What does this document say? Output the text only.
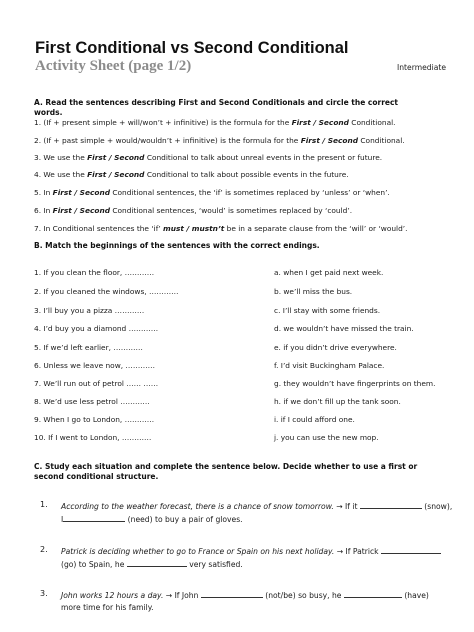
First Conditional vs Second Conditional
Activity Sheet (page 1/2)	Intermediate
A. Read the sentences describing First and Second Conditionals and circle the correct
words.
1. (If + present simple + will/won’t + infinitive) is the formula for the First / Second Conditional.
2. (If + past simple + would/wouldn’t + infinitive) is the formula for the First / Second Conditional.
3. We use the First / Second Conditional to talk about unreal events in the present or future.
4. We use the First / Second Conditional to talk about possible events in the future.
5. In First / Second Conditional sentences, the ‘if’ is sometimes replaced by ‘unless’ or ‘when’.
6. In First / Second Conditional sentences, ‘would’ is sometimes replaced by ‘could’.
7. In Conditional sentences the ‘if’ must / mustn’t be in a separate clause from the ‘will’ or ‘would’.
B. Match the beginnings of the sentences with the correct endings.
1. If you clean the floor, …………
2. If you cleaned the windows, …………
3. I’ll buy you a pizza …………
4. I’d buy you a diamond …………
5. If we’d left earlier, …………
6. Unless we leave now, …………
7. We’ll run out of petrol …… ……
8. We’d use less petrol …………
9. When I go to London, …………
10. If I went to London, …………
a. when I get paid next week.
b. we’ll miss the bus.
c. I’ll stay with some friends.
d. we wouldn’t have missed the train.
e. if you didn’t drive everywhere.
f. I’d visit Buckingham Palace.
g. they wouldn’t have fingerprints on them.
h. if we don’t fill up the tank soon.
i. if I could afford one.
j. you can use the new mop.
C. Study each situation and complete the sentence below. Decide whether to use a first or
second conditional structure.
1. According to the weather forecast, there is a chance of snow tomorrow. → If it	(snow),
I	(need) to buy a pair of gloves.
2. Patrick is deciding whether to go to France or Spain on his next holiday. → If Patrick
(go) to Spain, he	very satisfied.
3. John works 12 hours a day. → If John	(not/be) so busy, he	(have)
more time for his family.
